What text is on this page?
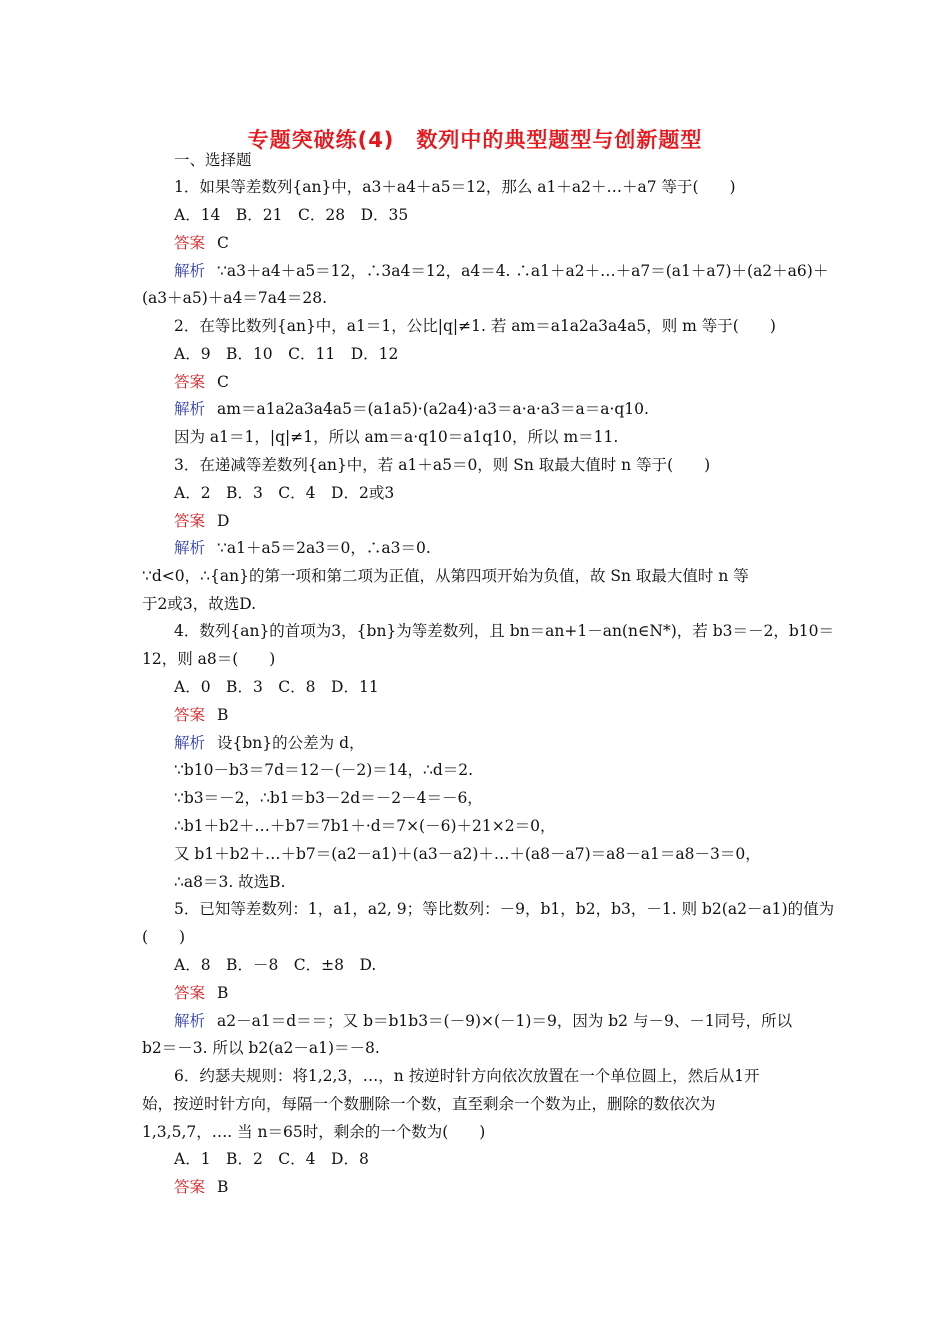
专题突破练(4)　数列中的典型题型与创新题型
一、选择题
1．如果等差数列{an}中，a3＋a4＋a5＝12，那么 a1＋a2＋…＋a7 等于(　　)
A．14　B．21　C．28　D．35
答案 C
解析 ∵a3＋a4＋a5＝12，∴3a4＝12，a4＝4. ∴a1＋a2＋…＋a7＝(a1＋a7)＋(a2＋a6)＋
(a3＋a5)＋a4＝7a4＝28.
2．在等比数列{an}中，a1＝1，公比|q|≠1. 若 am＝a1a2a3a4a5，则 m 等于(　　)
A．9　B．10　C．11　D．12
答案 C
解析 am＝a1a2a3a4a5＝(a1a5)·(a2a4)·a3＝a·a·a3＝a＝a·q10.
因为 a1＝1，|q|≠1，所以 am＝a·q10＝a1q10，所以 m＝11.
3．在递减等差数列{an}中，若 a1＋a5＝0，则 Sn 取最大值时 n 等于(　　)
A．2　B．3　C．4　D．2或3
答案 D
解析 ∵a1＋a5＝2a3＝0，∴a3＝0.
∵d<0，∴{an}的第一项和第二项为正值，从第四项开始为负值，故 Sn 取最大值时 n 等
于2或3，故选D.
4．数列{an}的首项为3，{bn}为等差数列，且 bn＝an+1－an(n∈N*)，若 b3＝－2，b10＝
12，则 a8＝(　　)
A．0　B．3　C．8　D．11
答案 B
解析 设{bn}的公差为 d，
∵b10－b3＝7d＝12－(－2)＝14，∴d＝2.
∵b3＝－2，∴b1＝b3－2d＝－2－4＝－6，
∴b1＋b2＋…＋b7＝7b1＋·d＝7×(－6)＋21×2＝0，
又 b1＋b2＋…＋b7＝(a2－a1)＋(a3－a2)＋…＋(a8－a7)＝a8－a1＝a8－3＝0，
∴a8＝3. 故选B.
5．已知等差数列：1，a1，a2, 9；等比数列：－9，b1，b2，b3，－1. 则 b2(a2－a1)的值为
(　　)
A．8　B．－8　C．±8　D.
答案 B
解析 a2－a1＝d＝＝；又 b＝b1b3＝(－9)×(－1)＝9，因为 b2 与－9、－1同号，所以
b2＝－3. 所以 b2(a2－a1)＝－8.
6．约瑟夫规则：将1,2,3，…，n 按逆时针方向依次放置在一个单位圆上，然后从1开
始，按逆时针方向，每隔一个数删除一个数，直至剩余一个数为止，删除的数依次为
1,3,5,7，…. 当 n＝65时，剩余的一个数为(　　)
A．1　B．2　C．4　D．8
答案 B
